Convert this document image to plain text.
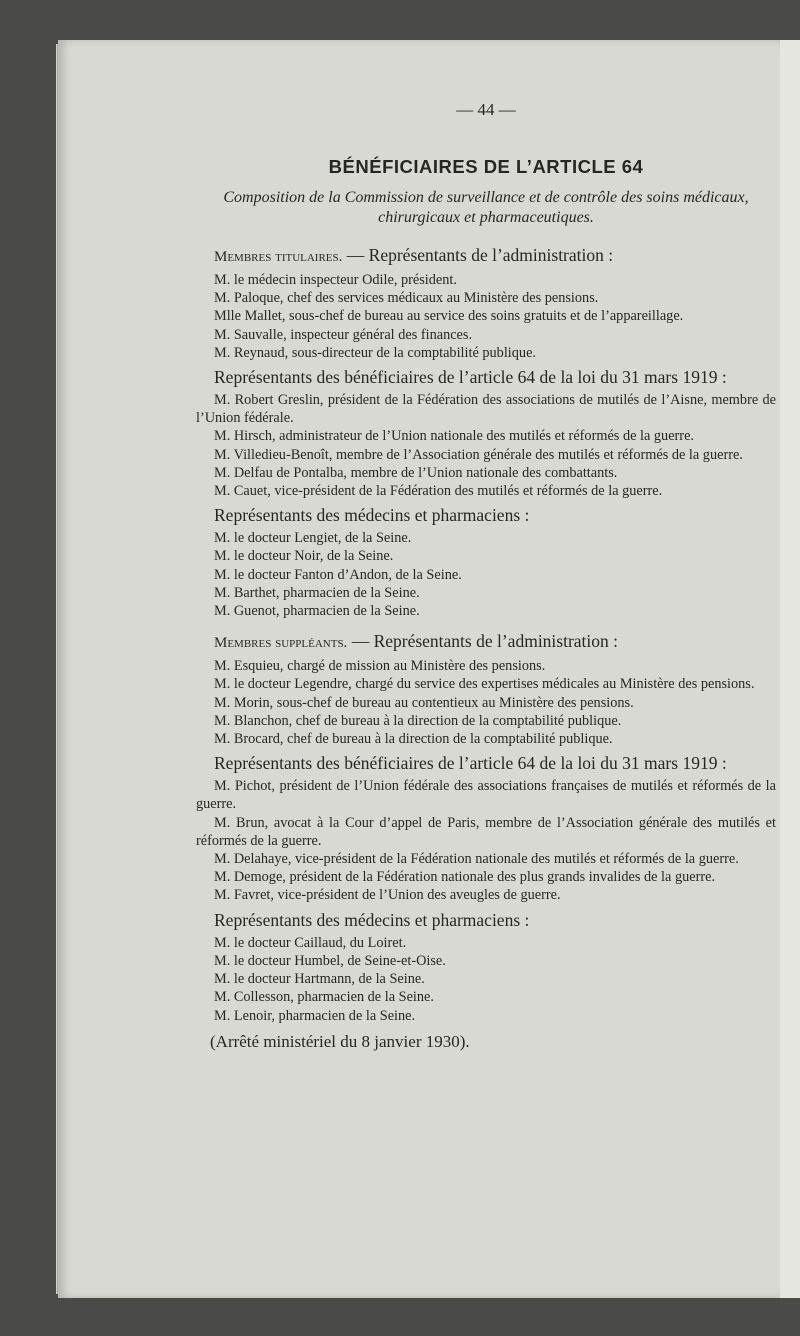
— 44 —

BÉNÉFICIAIRES DE L’ARTICLE 64

Composition de la Commission de surveillance et de contrôle des soins médicaux, chirurgicaux et pharmaceutiques.

Membres titulaires. — Représentants de l’administration :

M. le médecin inspecteur Odile, président.

M. Paloque, chef des services médicaux au Ministère des pensions.

Mlle Mallet, sous-chef de bureau au service des soins gratuits et de l’appareillage.

M. Sauvalle, inspecteur général des finances.

M. Reynaud, sous-directeur de la comptabilité publique.

Représentants des bénéficiaires de l’article 64 de la loi du 31 mars 1919 :

M. Robert Greslin, président de la Fédération des associations de mutilés de l’Aisne, membre de l’Union fédérale.

M. Hirsch, administrateur de l’Union nationale des mutilés et réformés de la guerre.

M. Villedieu-Benoît, membre de l’Association générale des mutilés et réformés de la guerre.

M. Delfau de Pontalba, membre de l’Union nationale des combattants.

M. Cauet, vice-président de la Fédération des mutilés et réformés de la guerre.

Représentants des médecins et pharmaciens :

M. le docteur Lengiet, de la Seine.

M. le docteur Noir, de la Seine.

M. le docteur Fanton d’Andon, de la Seine.

M. Barthet, pharmacien de la Seine.

M. Guenot, pharmacien de la Seine.

Membres suppléants. — Représentants de l’administration :

M. Esquieu, chargé de mission au Ministère des pensions.

M. le docteur Legendre, chargé du service des expertises médicales au Ministère des pensions.

M. Morin, sous-chef de bureau au contentieux au Ministère des pensions.

M. Blanchon, chef de bureau à la direction de la comptabilité publique.

M. Brocard, chef de bureau à la direction de la comptabilité publique.

Représentants des bénéficiaires de l’article 64 de la loi du 31 mars 1919 :

M. Pichot, président de l’Union fédérale des associations françaises de mutilés et réformés de la guerre.

M. Brun, avocat à la Cour d’appel de Paris, membre de l’Association générale des mutilés et réformés de la guerre.

M. Delahaye, vice-président de la Fédération nationale des mutilés et réformés de la guerre.

M. Demoge, président de la Fédération nationale des plus grands invalides de la guerre.

M. Favret, vice-président de l’Union des aveugles de guerre.

Représentants des médecins et pharmaciens :

M. le docteur Caillaud, du Loiret.

M. le docteur Humbel, de Seine-et-Oise.

M. le docteur Hartmann, de la Seine.

M. Collesson, pharmacien de la Seine.

M. Lenoir, pharmacien de la Seine.

(Arrêté ministériel du 8 janvier 1930).
